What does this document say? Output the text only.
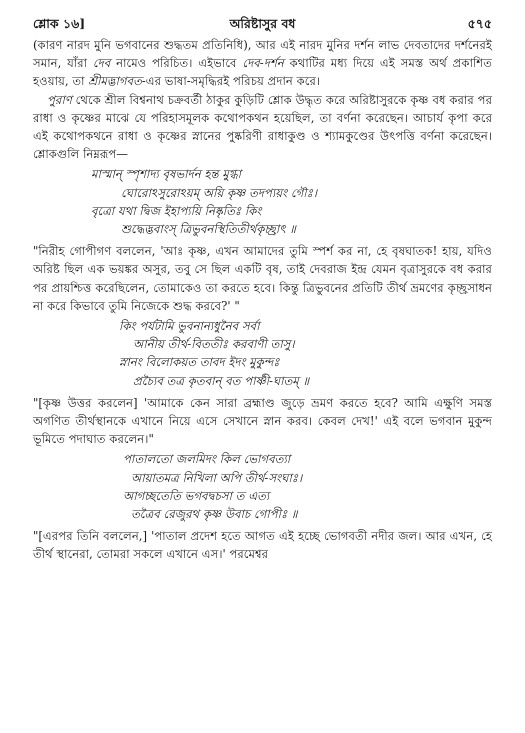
শ্লোক ১৬]	অরিষ্টাসুর বধ	৫৭৫

(কারণ নারদ মুনি ভগবানের শুদ্ধতম প্রতিনিধি), আর এই নারদ মুনির দর্শন লাভ দেবতাদের দর্শনেরই সমান, যাঁরা দেব নামেও পরিচিত। এইভাবে দেব-দর্শন কথাটির মধ্য দিয়ে এই সমস্ত অর্থ প্রকাশিত হওয়ায়, তা শ্রীমদ্ভাগবত-এর ভাষা-সমৃদ্ধিরই পরিচয় প্রদান করে।

পুরাণ থেকে শ্রীল বিশ্বনাথ চক্রবর্তী ঠাকুর কুড়িটি শ্লোক উদ্ধৃত করে অরিষ্টাসুরকে কৃষ্ণ বধ করার পর রাধা ও কৃষ্ণের মাঝে যে পরিহাসমূলক কথোপকথন হয়েছিল, তা বর্ণনা করেছেন। আচার্য কৃপা করে এই কথোপকথনে রাধা ও কৃষ্ণের স্নানের পুষ্করিণী রাধাকুণ্ড ও শ্যামকুণ্ডের উৎপত্তি বর্ণনা করেছেন। শ্লোকগুলি নিম্নরূপ—

মাস্মান্ স্পৃশাদ্য বৃষভার্দন হন্ত মুগ্ধা
ঘোরোঽসুরোঽয়ম্ অয়ি কৃষ্ণ তদপ্যয়ং গৌঃ।
বৃত্রো যথা দ্বিজ ইহাপ্যয়ি নিষ্কৃতিঃ কিং
শুদ্ধেদ্ভবাংস্ ত্রিভুবনস্থিতিতীর্থকৃচ্ছ্রাৎ ॥

"নিরীহ গোপীগণ বললেন, 'আঃ কৃষ্ণ, এখন আমাদের তুমি স্পর্শ কর না, হে বৃষঘাতক! হায়, যদিও অরিষ্ট ছিল এক ভয়ঙ্কর অসুর, তবু সে ছিল একটি বৃষ, তাই দেবরাজ ইন্দ্র যেমন বৃত্রাসুরকে বধ করার পর প্রায়শ্চিত্ত করেছিলেন, তোমাকেও তা করতে হবে। কিন্তু ত্রিভুবনের প্রতিটি তীর্থ ভ্রমণের কৃচ্ছ্রসাধন না করে কিভাবে তুমি নিজেকে শুদ্ধ করবে?' "

কিং পর্যটামি ভুবনান্যধুনৈব সর্বা
আনীয় তীর্থ-বিততীঃ করবাণী তাসু।
স্নানং বিলোকয়ত তাবদ ইদং মুকুন্দঃ
প্রচ্যৈব তত্র কৃতবান্ বত পার্ষ্ণী-ঘাতম্ ॥

"[কৃষ্ণ উত্তর করলেন] 'আমাকে কেন সারা ব্রহ্মাণ্ড জুড়ে ভ্রমণ করতে হবে? আমি এক্ষুণি সমস্ত অগণিত তীর্থস্থানকে এখানে নিয়ে এসে সেখানে স্নান করব। কেবল দেখ!' এই বলে ভগবান মুকুন্দ ভূমিতে পদাঘাত করলেন।"

পাতালতো জলমিদং কিল ভোগবত্যা
আয়াতমত্র নিখিলা অপি তীর্থ-সংঘাঃ।
আগচ্ছতেতি ভগবদ্বচসা ত এত্য
তত্রৈব রেজুরথ কৃষ্ণ উবাচ গোপীঃ ॥

"[এরপর তিনি বললেন,] 'পাতাল প্রদেশ হতে আগত এই হচ্ছে ভোগবতী নদীর জল। আর এখন, হে তীর্থ স্থানেরা, তোমরা সকলে এখানে এস।' পরমেশ্বর
